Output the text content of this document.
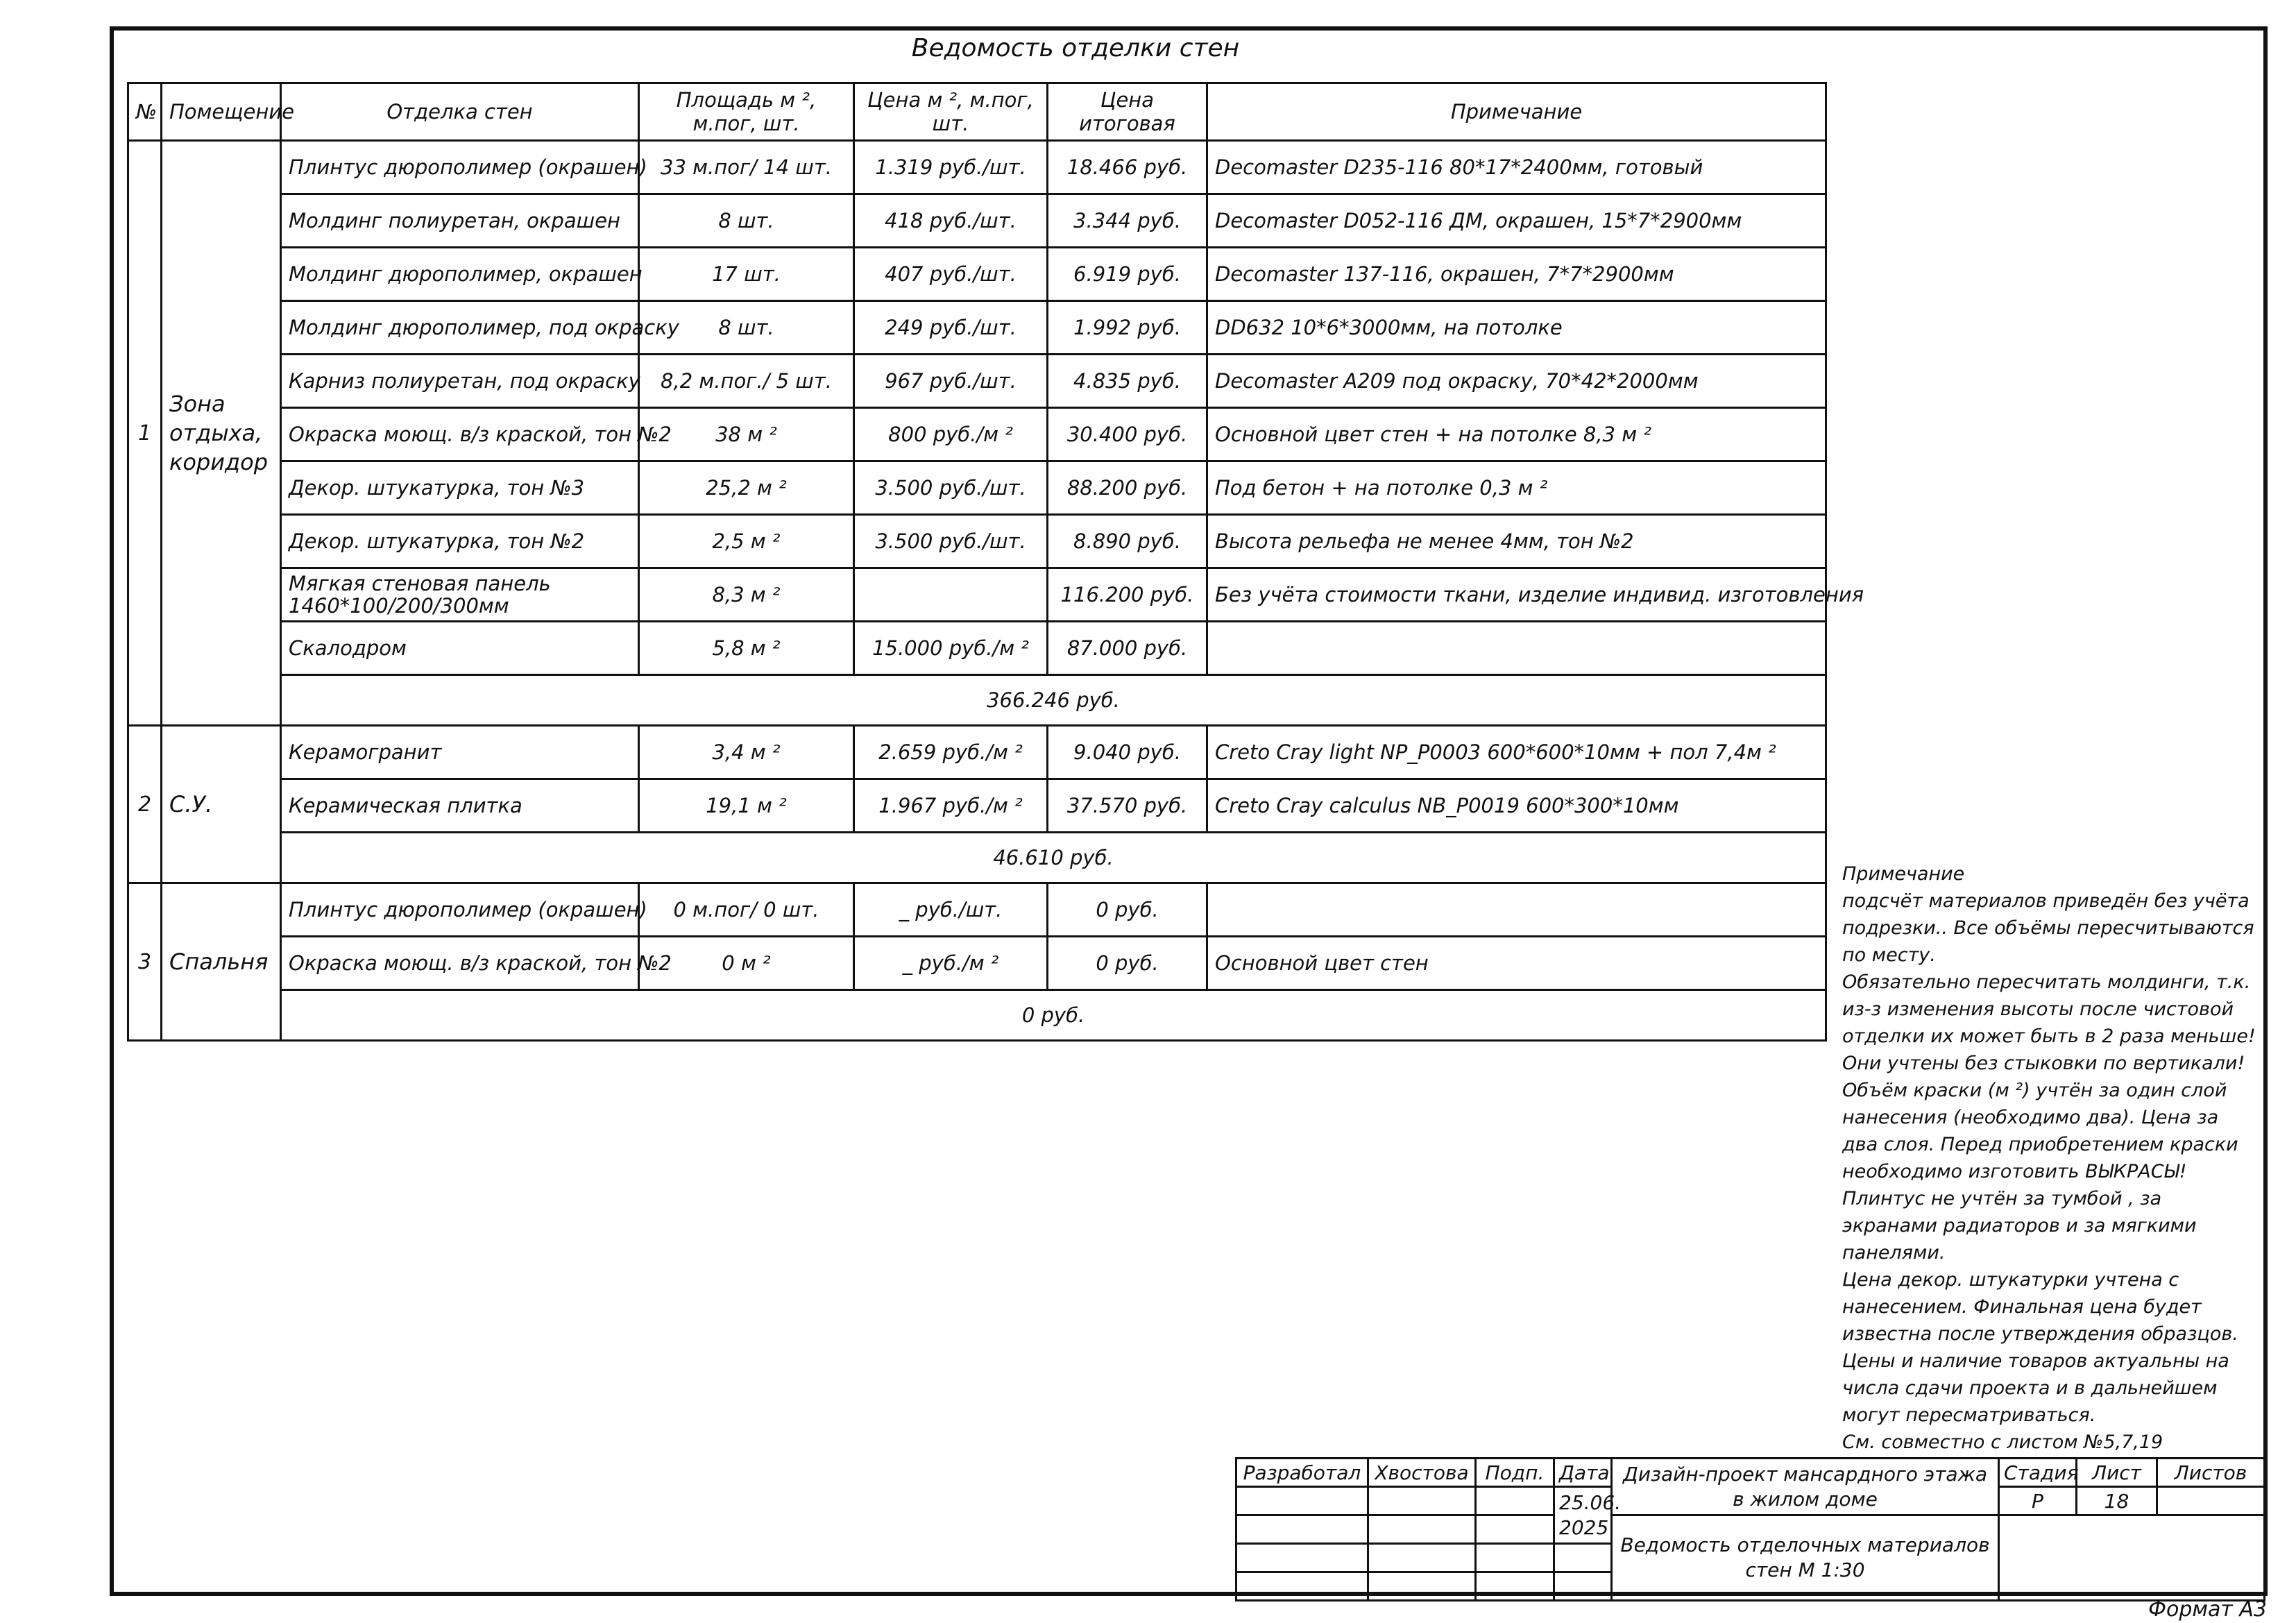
Ведомость отделки стен
№	Помещение	Отделка стен	Площадь м ², м.пог, шт.	Цена м ², м.пог, шт.	Цена итоговая	Примечание
1	Зона отдыха, коридор	Плинтус дюрополимер (окрашен)	33 м.пог/ 14 шт.	1.319 руб./шт.	18.466 руб.	Decomaster D235-116 80*17*2400мм, готовый
		Молдинг полиуретан, окрашен	8 шт.	418 руб./шт.	3.344 руб.	Decomaster D052-116 ДМ, окрашен, 15*7*2900мм
		Молдинг дюрополимер, окрашен	17 шт.	407 руб./шт.	6.919 руб.	Decomaster 137-116, окрашен, 7*7*2900мм
		Молдинг дюрополимер, под окраску	8 шт.	249 руб./шт.	1.992 руб.	DD632 10*6*3000мм, на потолке
		Карниз полиуретан, под окраску	8,2 м.пог./ 5 шт.	967 руб./шт.	4.835 руб.	Decomaster A209 под окраску, 70*42*2000мм
		Окраска моющ. в/з краской, тон №2	38 м ²	800 руб./м ²	30.400 руб.	Основной цвет стен + на потолке 8,3 м ²
		Декор. штукатурка, тон №3	25,2 м ²	3.500 руб./шт.	88.200 руб.	Под бетон + на потолке 0,3 м ²
		Декор. штукатурка, тон №2	2,5 м ²	3.500 руб./шт.	8.890 руб.	Высота рельефа не менее 4мм, тон №2
		Мягкая стеновая панель 1460*100/200/300мм	8,3 м ²		116.200 руб.	Без учёта стоимости ткани, изделие индивид. изготовления
		Скалодром	5,8 м ²	15.000 руб./м ²	87.000 руб.	
		366.246 руб.				
2	С.У.	Керамогранит	3,4 м ²	2.659 руб./м ²	9.040 руб.	Creto Cray light NP_P0003 600*600*10мм + пол 7,4м ²
		Керамическая плитка	19,1 м ²	1.967 руб./м ²	37.570 руб.	Creto Cray calculus NB_P0019 600*300*10мм
		46.610 руб.				
3	Спальня	Плинтус дюрополимер (окрашен)	0 м.пог/ 0 шт.	_ руб./шт.	0 руб.	
		Окраска моющ. в/з краской, тон №2	0 м ²	_ руб./м ²	0 руб.	Основной цвет стен
		0 руб.				

Примечание

подсчёт материалов приведён без учёта подрезки.. Все объёмы пересчитываются по месту.

Обязательно пересчитать молдинги, т.к. из-з изменения высоты после чистовой отделки их может быть в 2 раза меньше! Они учтены без стыковки по вертикали!

Объём краски (м ²) учтён за один слой нанесения (необходимо два). Цена за два слоя. Перед приобретением краски необходимо изготовить ВЫКРАСЫ!

Плинтус не учтён за тумбой , за экранами радиаторов и за мягкими панелями.

Цена декор. штукатурки учтена с нанесением. Финальная цена будет известна после утверждения образцов.

Цены и наличие товаров актуальны на числа сдачи проекта и в дальнейшем могут пересматриваться.

См. совместно с листом №5,7,19

Разработал	Хвостова	Подп.	Дата	Дизайн-проект мансардного этажа в жилом доме	Стадия	Лист	Листов
			25.06. 2025		Р	18	
				Ведомость отделочных материалов стен М 1:30			

Формат А3
